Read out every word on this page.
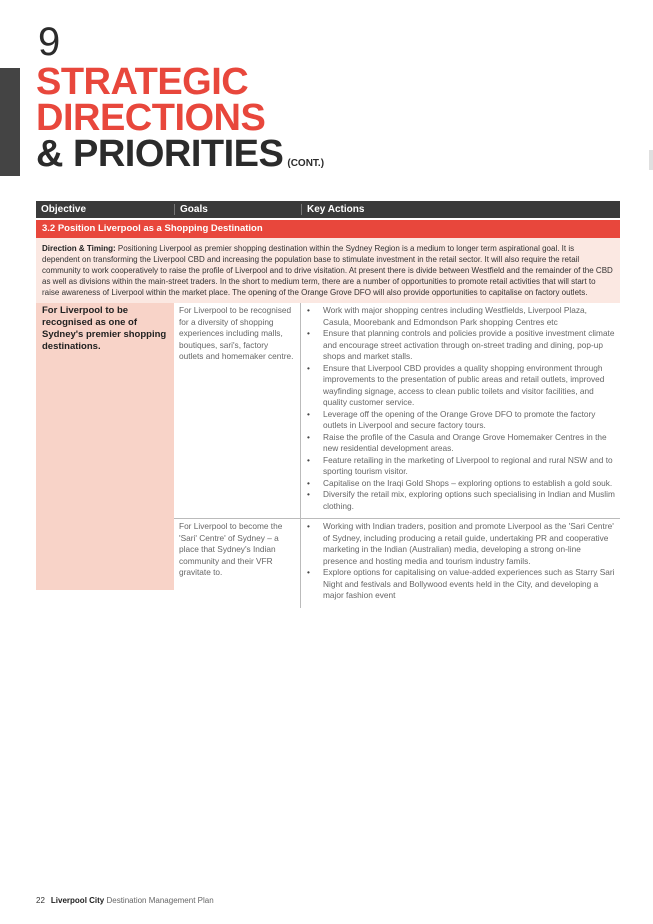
9
STRATEGIC
DIRECTIONS
& PRIORITIES (CONT.)
Objective	Goals	Key Actions
3.2 Position Liverpool as a Shopping Destination
Direction & Timing: Positioning Liverpool as premier shopping destination within the Sydney Region is a medium to longer term aspirational goal. It is dependent on transforming the Liverpool CBD and increasing the population base to stimulate investment in the retail sector. It will also require the retail community to work cooperatively to raise the profile of Liverpool and to drive visitation. At present there is divide between Westfield and the remainder of the CBD as well as divisions within the main-street traders. In the short to medium term, there are a number of opportunities to promote retail activities that will start to raise awareness of Liverpool within the market place. The opening of the Orange Grove DFO will also provide opportunities to capitalise on factory outlets.
For Liverpool to be recognised as one of Sydney's premier shopping destinations.
For Liverpool to be recognised for a diversity of shopping experiences including malls, boutiques, sari's, factory outlets and homemaker centre.
• Work with major shopping centres including Westfields, Liverpool Plaza, Casula, Moorebank and Edmondson Park shopping Centres etc
• Ensure that planning controls and policies provide a positive investment climate and encourage street activation through on-street trading and dining, pop-up shops and market stalls.
• Ensure that Liverpool CBD provides a quality shopping environment through improvements to the presentation of public areas and retail outlets, improved wayfinding signage, access to clean public toilets and visitor facilities, and quality customer service.
• Leverage off the opening of the Orange Grove DFO to promote the factory outlets in Liverpool and secure factory tours.
• Raise the profile of the Casula and Orange Grove Homemaker Centres in the new residential development areas.
• Feature retailing in the marketing of Liverpool to regional and rural NSW and to sporting tourism visitor.
• Capitalise on the Iraqi Gold Shops – exploring options to establish a gold souk.
• Diversify the retail mix, exploring options such specialising in Indian and Muslim clothing.
For Liverpool to become the 'Sari' Centre' of Sydney – a place that Sydney's Indian community and their VFR gravitate to.
• Working with Indian traders, position and promote Liverpool as the 'Sari Centre' of Sydney, including producing a retail guide, undertaking PR and cooperative marketing in the Indian (Australian) media, developing a strong on-line presence and hosting media and tourism industry famils.
• Explore options for capitalising on value-added experiences such as Starry Sari Night and festivals and Bollywood events held in the City, and developing a major fashion event
22 Liverpool City Destination Management Plan
